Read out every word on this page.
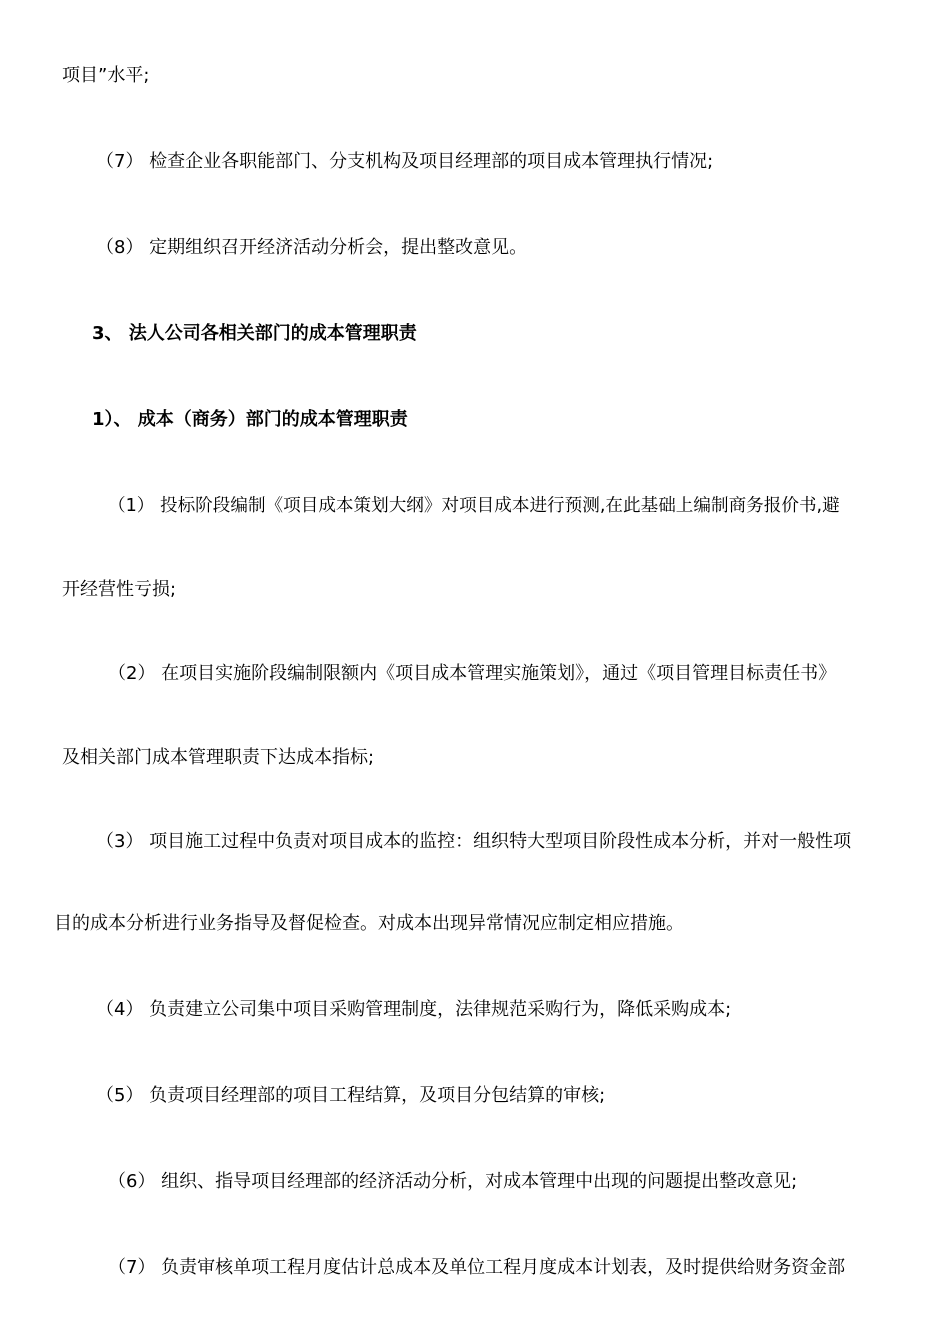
项目”水平;

（7） 检查企业各职能部门、分支机构及项目经理部的项目成本管理执行情况;

（8） 定期组织召开经济活动分析会，提出整改意见。

3、 法人公司各相关部门的成本管理职责

1）、 成本（商务）部门的成本管理职责

（1） 投标阶段编制《项目成本策划大纲》对项目成本进行预测,在此基础上编制商务报价书,避

开经营性亏损;

（2） 在项目实施阶段编制限额内《项目成本管理实施策划》，通过《项目管理目标责任书》

及相关部门成本管理职责下达成本指标;

（3） 项目施工过程中负责对项目成本的监控：组织特大型项目阶段性成本分析，并对一般性项

目的成本分析进行业务指导及督促检查。对成本出现异常情况应制定相应措施。

（4） 负责建立公司集中项目采购管理制度，法律规范采购行为，降低采购成本;

（5） 负责项目经理部的项目工程结算，及项目分包结算的审核;

（6） 组织、指导项目经理部的经济活动分析，对成本管理中出现的问题提出整改意见;

（7） 负责审核单项工程月度估计总成本及单位工程月度成本计划表，及时提供给财务资金部
